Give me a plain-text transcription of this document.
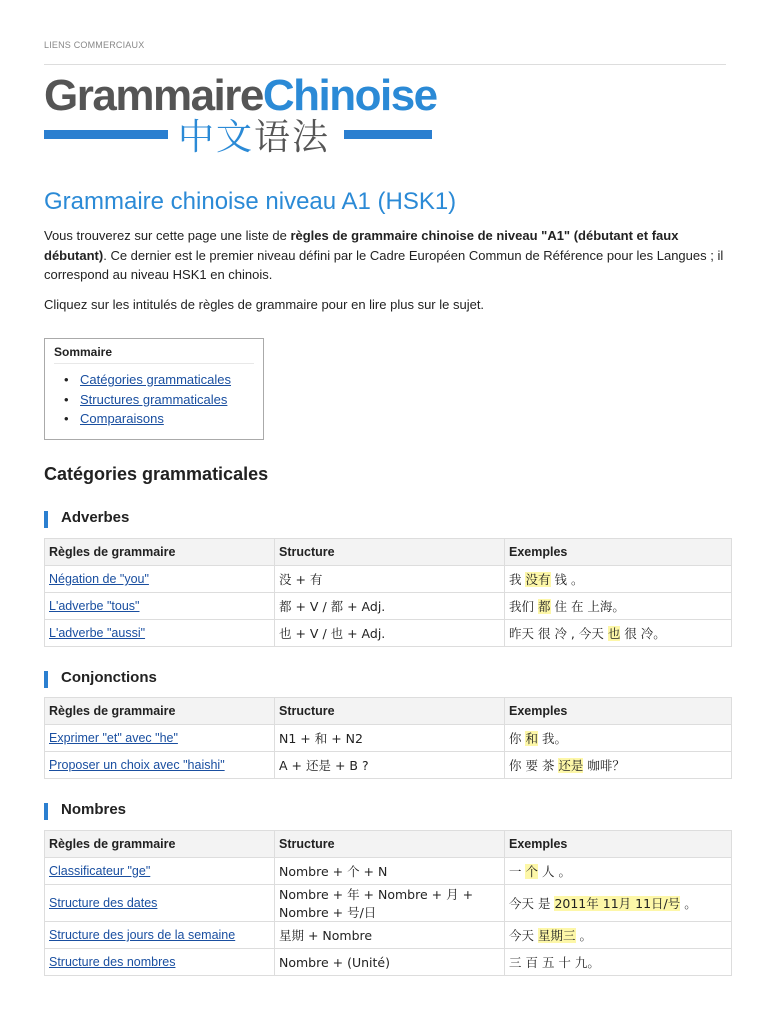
LIENS COMMERCIAUX
GrammaireChinoise
中文语法
Grammaire chinoise niveau A1 (HSK1)

Vous trouverez sur cette page une liste de règles de grammaire chinoise de niveau "A1" (débutant et faux débutant). Ce dernier est le premier niveau défini par le Cadre Européen Commun de Référence pour les Langues ; il correspond au niveau HSK1 en chinois.

Cliquez sur les intitulés de règles de grammaire pour en lire plus sur le sujet.

Sommaire
• Catégories grammaticales
• Structures grammaticales
• Comparaisons
Catégories grammaticales
Adverbes
Règles de grammaire	Structure	Exemples
Négation de "you"	没 + 有	我 没有 钱 。
L'adverbe "tous"	都 + V / 都 + Adj.	我们 都 住 在 上海。
L'adverbe "aussi"	也 + V / 也 + Adj.	昨天 很 冷 , 今天 也 很 冷。
Conjonctions
Règles de grammaire	Structure	Exemples
Exprimer "et" avec "he"	N1 + 和 + N2	你 和 我。
Proposer un choix avec "haishi"	A + 还是 + B ?	你 要 茶 还是 咖啡？
Nombres
Règles de grammaire	Structure	Exemples
Classificateur "ge"	Nombre + 个 + N	一 个 人 。
Structure des dates	Nombre + 年 + Nombre + 月 + Nombre + 号/日	今天 是 2011年 11月 11日/号 。
Structure des jours de la semaine	星期 + Nombre	今天 星期三 。
Structure des nombres	Nombre + (Unité)	三 百 五 十 九。
